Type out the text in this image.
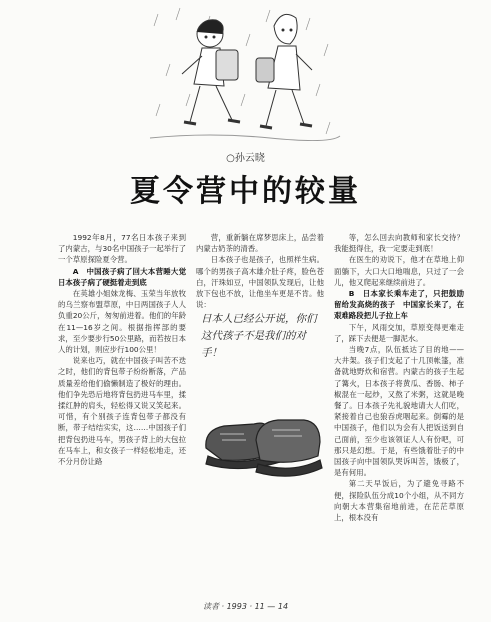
○孙云晓
夏令营中的较量

1992年8月，77名日本孩子来到了内蒙古，与30名中国孩子一起举行了一个草原探险夏令营。

A　中国孩子病了回大本营睡大觉　日本孩子病了硬挺着走到底

在英雄小姐妹龙梅、玉荣当年放牧的乌兰察布盟草原，中日两国孩子人人负重20公斤，匆匆前进着。他们的年龄在11—16岁之间。根据指挥部的要求，至少要步行50公里路，而若按日本人的计划，则应步行100公里！

说来也巧，就在中国孩子叫苦不迭之时，他们的背包带子纷纷断落，产品质量差给他们偷懒制造了极好的理由。他们争先恐后地将背包扔进马车里，揉揉红肿的肩头，轻松得又说又笑起来。可惜，有个别孩子连背包带子都没有断，带子结结实实，这……中国孩子们把背包扔进马车，男孩子背上的大包拉在马车上，和女孩子一样轻松地走，还不分月份让路

营，重新躺在席梦思床上，品尝着内蒙古奶茶的清香。

日本孩子也是孩子，也照样生病。哪个的男孩子高木雄介肚子疼，脸色苍白，汗珠如豆，中国领队发现后，让他放下包也不放，让他坐车更是不肯。他说：

日本人已经公开说，你们这代孩子不是我们的对手！

等，怎么回去向教师和家长交待？我能挺得住，我一定要走到底！

在医生的劝说下，他才在草地上仰面躺下，大口大口地喘息，只过了一会儿，他又爬起来继续前进了。

B　日本家长乘车走了，只把鼓励留给发高烧的孩子　中国家长来了，在艰难路段把儿子拉上车

下午，风雨交加，草原变得更难走了，踩下去便是一脚泥水。

当晚7点，队伍抵达了目的地——大井架。孩子们支起了十几顶帐篷，准备就地野炊和宿营。内蒙古的孩子生起了篝火，日本孩子将黄瓜、香肠、柿子椒混在一起炒，又熬了米粥，这就是晚餐了。日本孩子先礼貌地请大人们吃，紧接着自己也狼吞虎咽起来。倒霉的是中国孩子，他们以为会有人把饭送到自己面前，至少也该领证人人有份吧，可那只是幻想。于是，有些饿着肚子的中国孩子向中国领队哭诉叫苦，饿极了，是有何用。

第二天早饭后，为了避免寻路不便，探险队伍分成10个小组，从不同方向朝大本营集宿地前进，在茫茫草原上，根本没有

读者 · 1993 · 11 — 14
